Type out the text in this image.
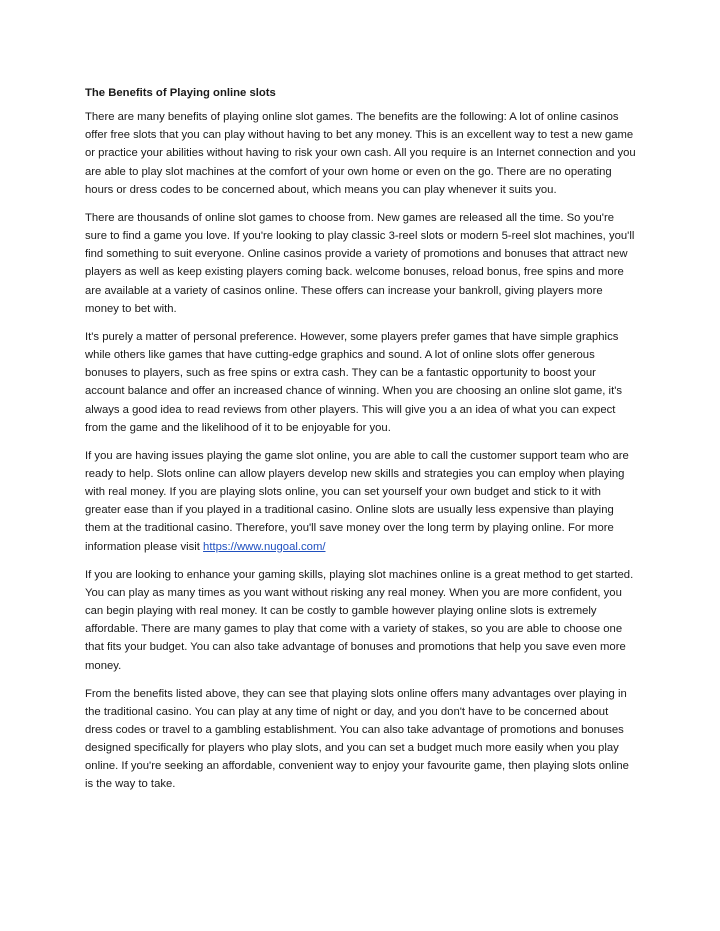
The Benefits of Playing online slots

There are many benefits of playing online slot games. The benefits are the following: A lot of online casinos offer free slots that you can play without having to bet any money. This is an excellent way to test a new game or practice your abilities without having to risk your own cash. All you require is an Internet connection and you are able to play slot machines at the comfort of your own home or even on the go. There are no operating hours or dress codes to be concerned about, which means you can play whenever it suits you.

There are thousands of online slot games to choose from. New games are released all the time. So you're sure to find a game you love. If you're looking to play classic 3-reel slots or modern 5-reel slot machines, you'll find something to suit everyone. Online casinos provide a variety of promotions and bonuses that attract new players as well as keep existing players coming back. welcome bonuses, reload bonus, free spins and more are available at a variety of casinos online. These offers can increase your bankroll, giving players more money to bet with.

It's purely a matter of personal preference. However, some players prefer games that have simple graphics while others like games that have cutting-edge graphics and sound. A lot of online slots offer generous bonuses to players, such as free spins or extra cash. They can be a fantastic opportunity to boost your account balance and offer an increased chance of winning. When you are choosing an online slot game, it's always a good idea to read reviews from other players. This will give you a an idea of what you can expect from the game and the likelihood of it to be enjoyable for you.

If you are having issues playing the game slot online, you are able to call the customer support team who are ready to help. Slots online can allow players develop new skills and strategies you can employ when playing with real money. If you are playing slots online, you can set yourself your own budget and stick to it with greater ease than if you played in a traditional casino. Online slots are usually less expensive than playing them at the traditional casino. Therefore, you'll save money over the long term by playing online. For more information please visit https://www.nugoal.com/

If you are looking to enhance your gaming skills, playing slot machines online is a great method to get started. You can play as many times as you want without risking any real money. When you are more confident, you can begin playing with real money. It can be costly to gamble however playing online slots is extremely affordable. There are many games to play that come with a variety of stakes, so you are able to choose one that fits your budget. You can also take advantage of bonuses and promotions that help you save even more money.

From the benefits listed above, they can see that playing slots online offers many advantages over playing in the traditional casino. You can play at any time of night or day, and you don't have to be concerned about dress codes or travel to a gambling establishment. You can also take advantage of promotions and bonuses designed specifically for players who play slots, and you can set a budget much more easily when you play online. If you're seeking an affordable, convenient way to enjoy your favourite game, then playing slots online is the way to take.
